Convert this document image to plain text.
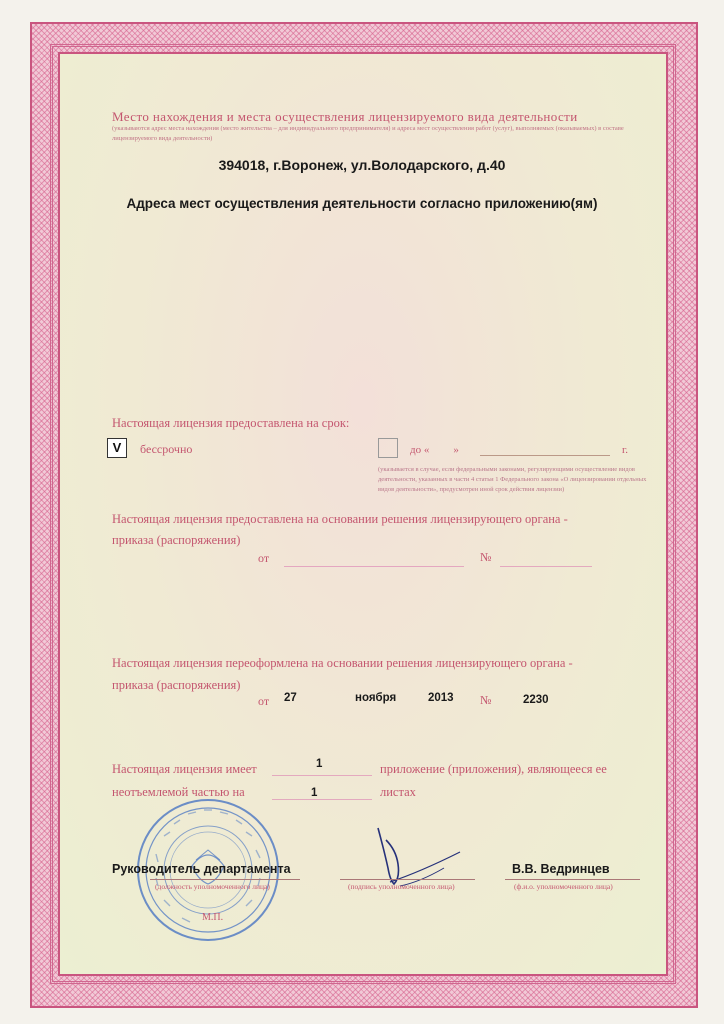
Место нахождения и места осуществления лицензируемого вида деятельности
(указываются адрес места нахождения (место жительства – для индивидуального предпринимателя) и адреса мест осуществления работ (услуг), выполняемых (оказываемых) в составе лицензируемого вида деятельности)
394018, г.Воронеж, ул.Володарского, д.40
Адреса мест осуществления деятельности согласно приложению(ям)
Настоящая лицензия предоставлена на срок:
V	бессрочно	до « »	г.
(указывается в случае, если федеральными законами, регулирующими осуществление видов деятельности, указанных в части 4 статьи 1 Федерального закона «О лицензировании отдельных видов деятельности», предусмотрен иной срок действия лицензии)
Настоящая лицензия предоставлена на основании решения лицензирующего органа -
приказа (распоряжения)
от	№
Настоящая лицензия переоформлена на основании решения лицензирующего органа -
приказа (распоряжения)
от 27	ноября	2013 №	2230
Настоящая лицензия имеет	1	приложение (приложения), являющееся ее
неотъемлемой частью на	1	листах
М.П.
Руководитель департамента	В.В. Ведринцев
(должность уполномоченного лица)	(подпись уполномоченного лица)	(ф.и.о. уполномоченного лица)
